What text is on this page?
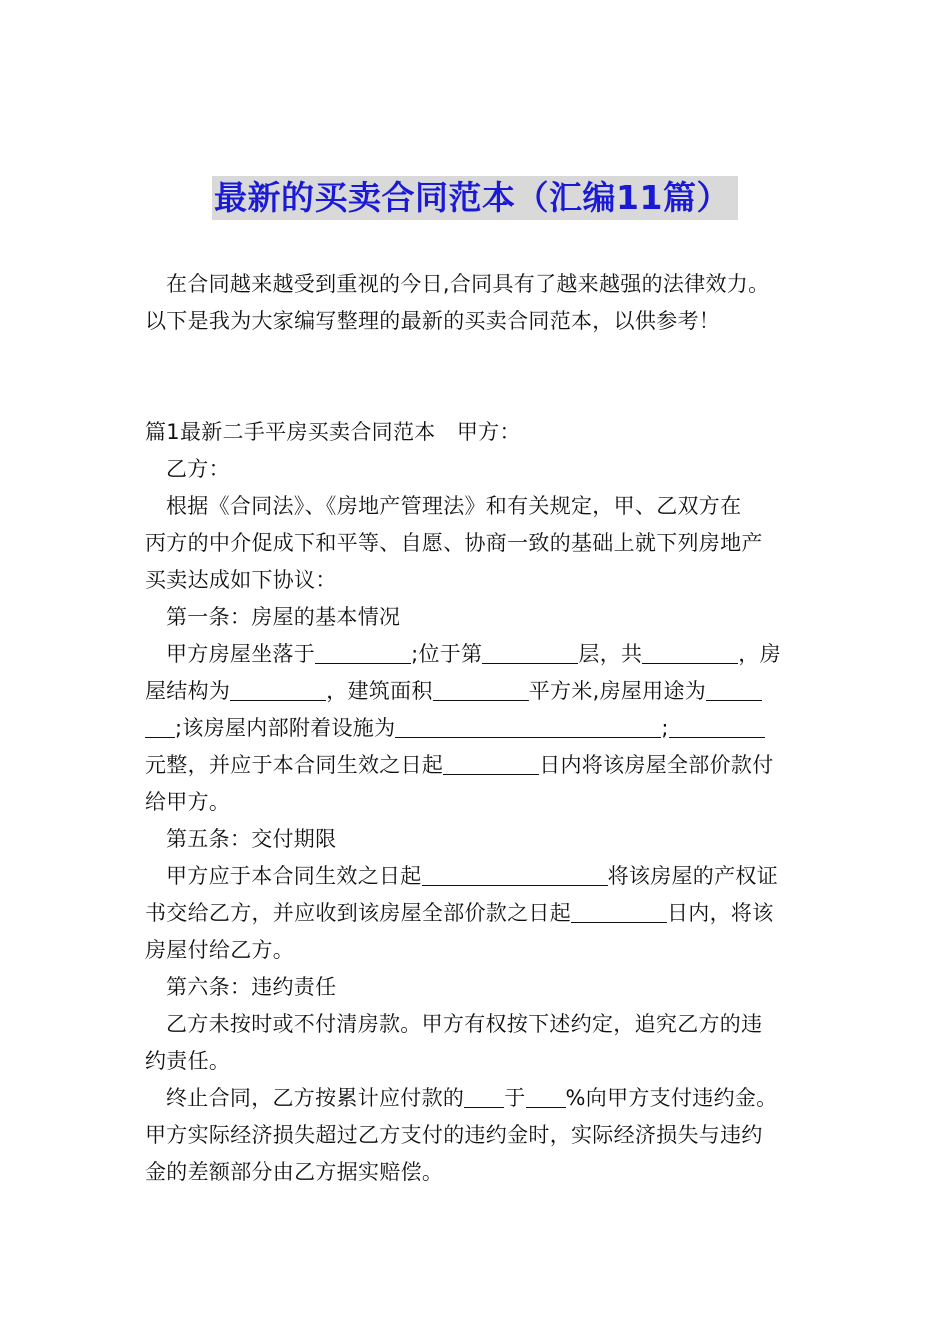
最新的买卖合同范本（汇编11篇）

在合同越来越受到重视的今日,合同具有了越来越强的法律效力。

以下是我为大家编写整理的最新的买卖合同范本，以供参考！

篇1最新二手平房买卖合同范本　甲方：

乙方：

根据《合同法》、《房地产管理法》和有关规定，甲、乙双方在

丙方的中介促成下和平等、自愿、协商一致的基础上就下列房地产

买卖达成如下协议：

第一条：房屋的基本情况

甲方房屋坐落于	;位于第	层，共	，房

屋结构为	，建筑面积	平方米,房屋用途为

;该房屋内部附着设施为	;

元整，并应于本合同生效之日起	日内将该房屋全部价款付

给甲方。

第五条：交付期限

甲方应于本合同生效之日起	将该房屋的产权证

书交给乙方，并应收到该房屋全部价款之日起	日内，将该

房屋付给乙方。

第六条：违约责任

乙方未按时或不付清房款。甲方有权按下述约定，追究乙方的违

约责任。

终止合同，乙方按累计应付款的 于 %向甲方支付违约金。

甲方实际经济损失超过乙方支付的违约金时，实际经济损失与违约

金的差额部分由乙方据实赔偿。
